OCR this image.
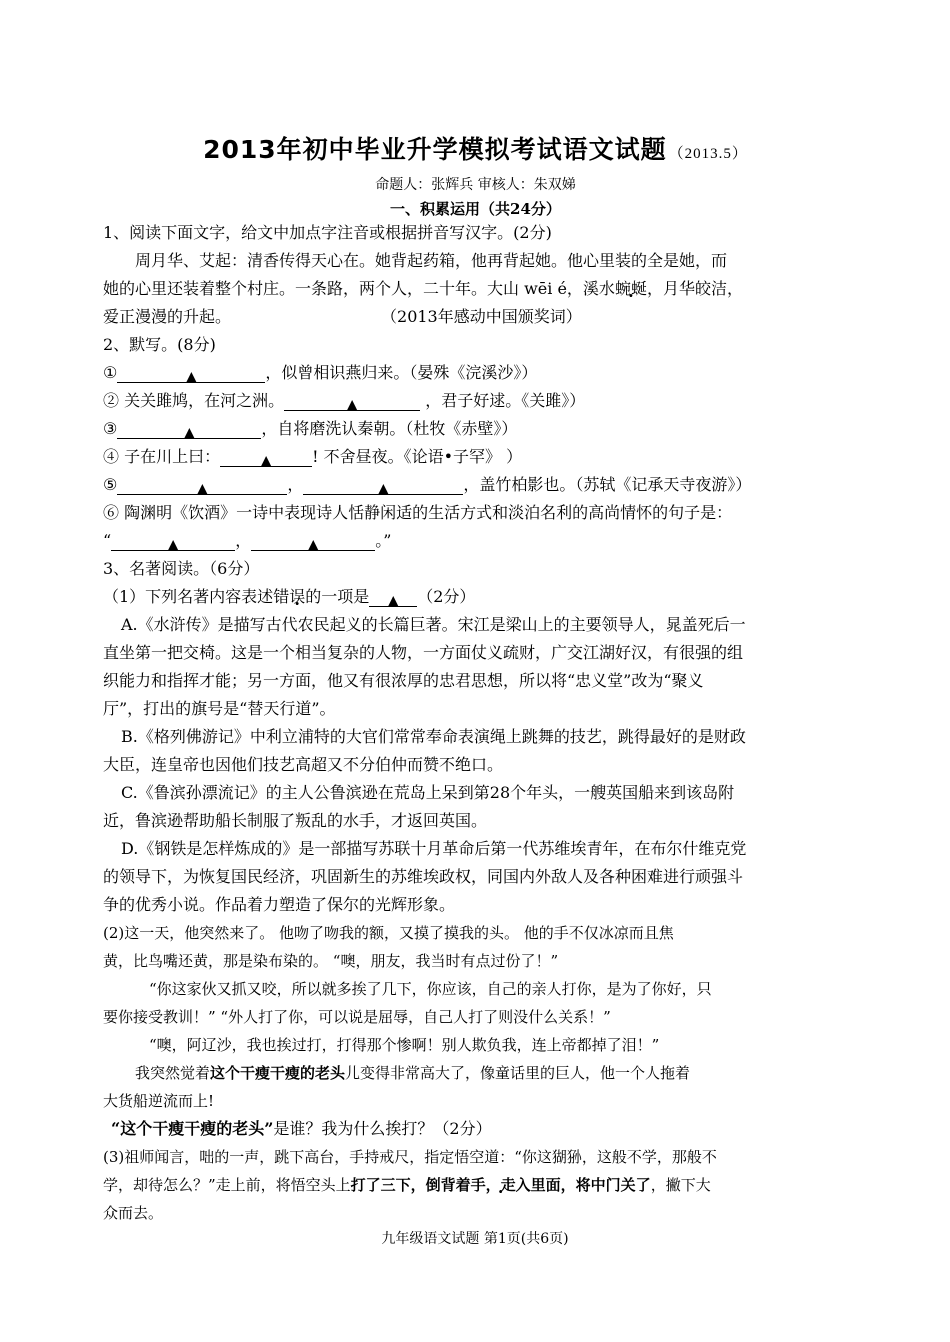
2013年初中毕业升学模拟考试语文试题 （2013.5）
命题人：张辉兵 审核人：朱双娣
一、积累运用（共24分）
1、阅读下面文字，给文中加点字注音或根据拼音写汉字。(2分)
周月华、艾起：清香传得天心在。她背起药箱，他再背起她。他心里装的全是她，而
她的心里还装着整个村庄。一条路，两个人，二十年。大山 wēi é，溪水蜿蜒，月华皎洁，
爱正漫漫的升起。	（2013年感动中国颁奖词）
2、默写。(8分)
①	▲	，似曾相识燕归来。（晏殊《浣溪沙》）
② 关关雎鸠，在河之洲。	▲	，君子好逑。《关雎》）
③	▲	，自将磨洗认秦朝。（杜牧《赤壁》）
④ 子在川上曰：	▲	! 不舍昼夜。《论语•子罕》 ）
⑤	▲	，	▲	，盖竹柏影也。（苏轼《记承天寺夜游》）
⑥ 陶渊明《饮酒》一诗中表现诗人恬静闲适的生活方式和淡泊名利的高尚情怀的句子是：
“	▲	，	▲	。”
3、名著阅读。（6分）
（1）下列名著内容表述错误的一项是 ▲ （2分）
A.《水浒传》是描写古代农民起义的长篇巨著。宋江是梁山上的主要领导人，晁盖死后一
直坐第一把交椅。这是一个相当复杂的人物，一方面仗义疏财，广交江湖好汉，有很强的组
织能力和指挥才能；另一方面，他又有很浓厚的忠君思想，所以将“忠义堂”改为“聚义
厅”，打出的旗号是“替天行道”。
B.《格列佛游记》中利立浦特的大官们常常奉命表演绳上跳舞的技艺，跳得最好的是财政
大臣，连皇帝也因他们技艺高超又不分伯仲而赞不绝口。
C.《鲁滨孙漂流记》的主人公鲁滨逊在荒岛上呆到第28个年头，一艘英国船来到该岛附
近，鲁滨逊帮助船长制服了叛乱的水手，才返回英国。
D.《钢铁是怎样炼成的》是一部描写苏联十月革命后第一代苏维埃青年，在布尔什维克党
的领导下，为恢复国民经济，巩固新生的苏维埃政权，同国内外敌人及各种困难进行顽强斗
争的优秀小说。作品着力塑造了保尔的光辉形象。
(2)这一天，他突然来了。 他吻了吻我的额，又摸了摸我的头。 他的手不仅冰凉而且焦
黄，比鸟嘴还黄，那是染布染的。 “噢，朋友，我当时有点过份了！”
“你这家伙又抓又咬，所以就多挨了几下，你应该，自己的亲人打你，是为了你好，只
要你接受教训！” “外人打了你，可以说是屈辱，自己人打了则没什么关系！”
“噢，阿辽沙，我也挨过打，打得那个惨啊！别人欺负我，连上帝都掉了泪！”
我突然觉着这个干瘦干瘦的老头儿变得非常高大了，像童话里的巨人，他一个人拖着
大货船逆流而上!
“这个干瘦干瘦的老头”是谁？我为什么挨打？（2分）
(3)祖师闻言，咄的一声，跳下高台，手持戒尺，指定悟空道：“你这猢狲，这般不学，那般不
学，却待怎么？”走上前，将悟空头上打了三下，倒背着手，走入里面，将中门关了 ·，撇下大
众而去。
九年级语文试题 第1页(共6页)
